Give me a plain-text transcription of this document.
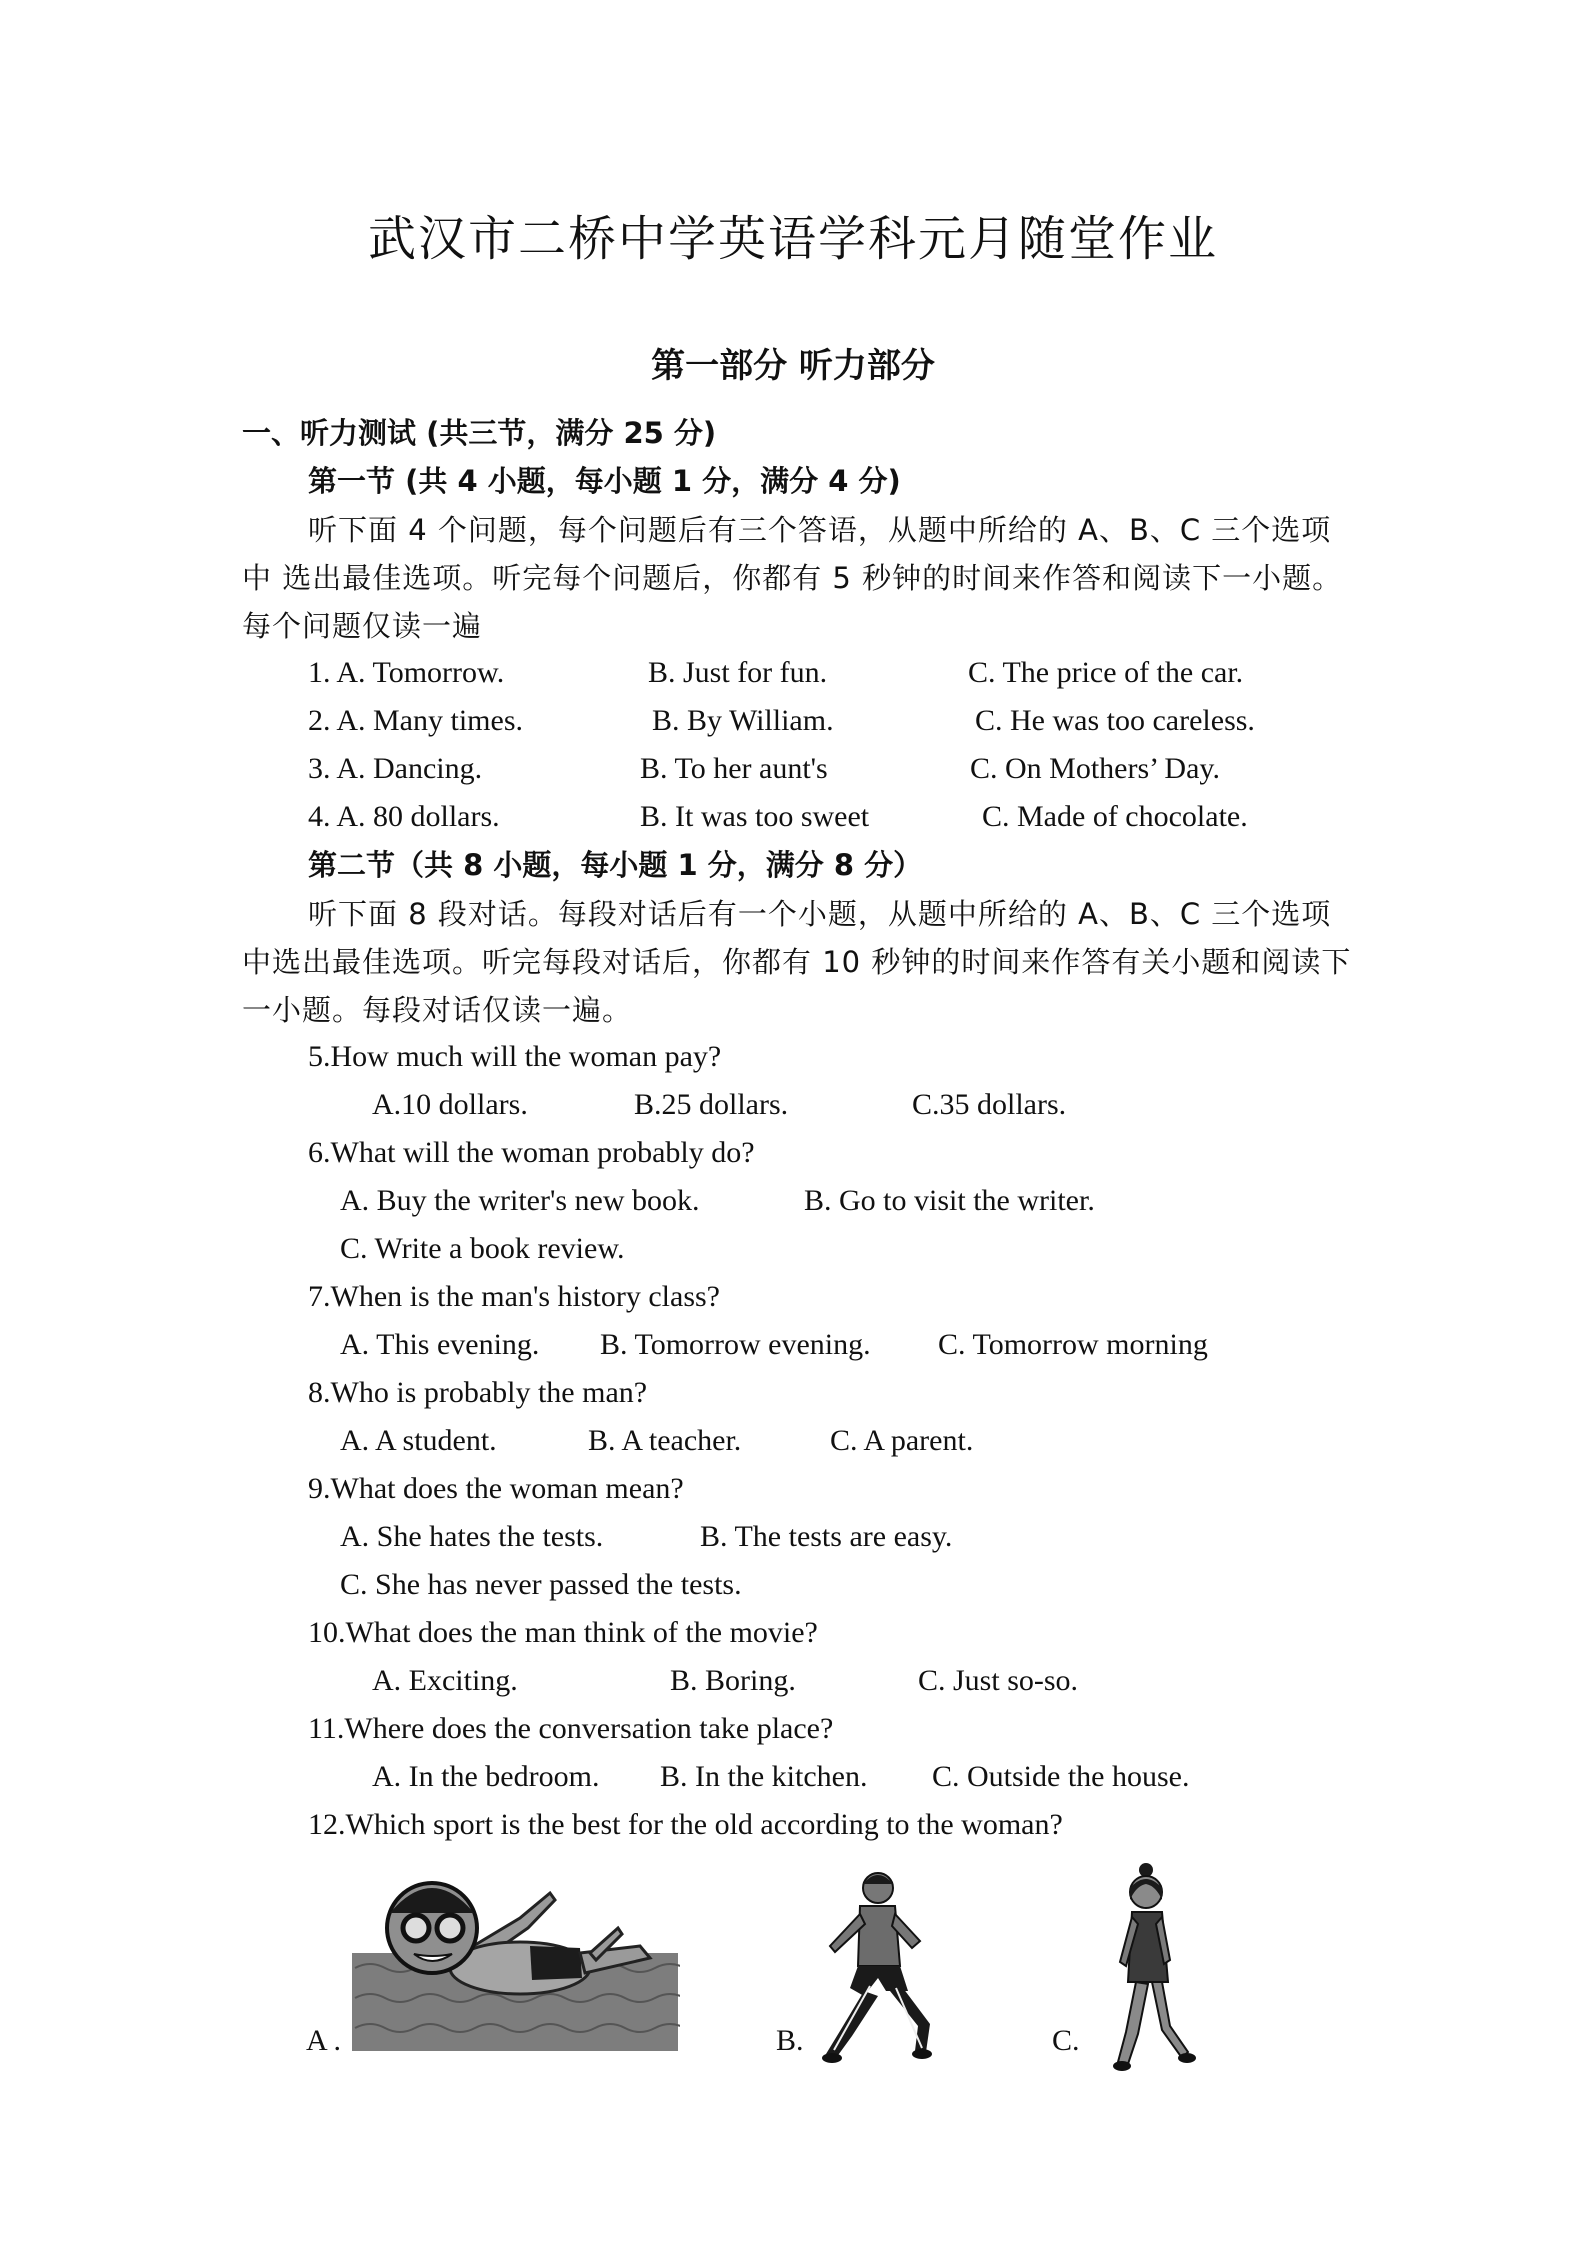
武汉市二桥中学英语学科元月随堂作业
第一部分 听力部分
一、听力测试 (共三节，满分 25 分)
第一节 (共 4 小题，每小题 1 分，满分 4 分)
听下面 4 个问题，每个问题后有三个答语，从题中所给的 A、B、C 三个选项中 选出最佳选项。听完每个问题后，你都有 5 秒钟的时间来作答和阅读下一小题。 每个问题仅读一遍
1. A. Tomorrow.	B. Just for fun.	C. The price of the car.
2. A. Many times.	B. By William.	C. He was too careless.
3. A. Dancing.	B. To her aunt's	C. On Mothers’ Day.
4. A. 80 dollars.	B. It was too sweet	C. Made of chocolate.
第二节（共 8 小题，每小题 1 分，满分 8 分）
听下面 8 段对话。每段对话后有一个小题，从题中所给的 A、B、C 三个选项中选出最佳选项。听完每段对话后，你都有 10 秒钟的时间来作答有关小题和阅读下一小题。每段对话仅读一遍。
5.How much will the woman pay?
A.10 dollars.	B.25 dollars.	C.35 dollars.
6.What will the woman probably do?
A. Buy the writer's new book.	B. Go to visit the writer.
C. Write a book review.
7.When is the man's history class?
A. This evening. B. Tomorrow evening. C. Tomorrow morning
8.Who is probably the man?
A. A student.	B. A teacher.	C. A parent.
9.What does the woman mean?
A. She hates the tests.	B. The tests are easy.
C. She has never passed the tests.
10.What does the man think of the movie?
A. Exciting.	B. Boring.	C. Just so-so.
11.Where does the conversation take place?
A. In the bedroom. B. In the kitchen. C. Outside the house.
12.Which sport is the best for the old according to the woman?
A .	B.	C.
